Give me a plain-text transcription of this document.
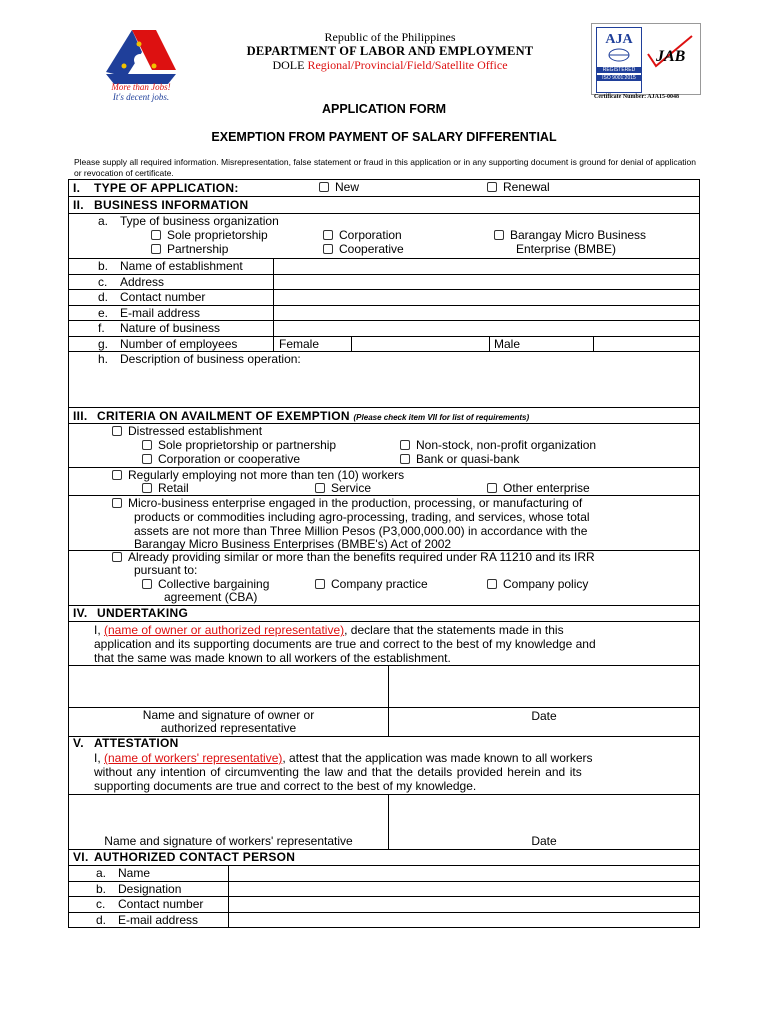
More than Jobs!
It's decent jobs.
Republic of the Philippines
DEPARTMENT OF LABOR AND EMPLOYMENT
DOLE Regional/Provincial/Field/Satellite Office
AJA
REGISTERED
ISO 9001:2015
JAB
Certificate Number: AJA15-0048
APPLICATION FORM
EXEMPTION FROM PAYMENT OF SALARY DIFFERENTIAL
Please supply all required information. Misrepresentation, false statement or fraud in this application or in any supporting document is ground for denial of application or revocation of certificate.
I. TYPE OF APPLICATION:	New	Renewal
II. BUSINESS INFORMATION
a. Type of business organization
Sole proprietorship
Partnership
Corporation
Cooperative
Barangay Micro Business
Enterprise (BMBE)
b. Name of establishment
c. Address
d. Contact number
e. E-mail address
f. Nature of business
g. Number of employees	Female	Male
h. Description of business operation:
III. CRITERIA ON AVAILMENT OF EXEMPTION (Please check item VII for list of requirements)
Distressed establishment
Sole proprietorship or partnership	Non-stock, non-profit organization
Corporation or cooperative	Bank or quasi-bank
Regularly employing not more than ten (10) workers
Retail	Service	Other enterprise
Micro-business enterprise engaged in the production, processing, or manufacturing of
products or commodities including agro-processing, trading, and services, whose total
assets are not more than Three Million Pesos (P3,000,000.00) in accordance with the
Barangay Micro Business Enterprises (BMBE's) Act of 2002
Already providing similar or more than the benefits required under RA 11210 and its IRR
pursuant to:
Collective bargaining
agreement (CBA)
Company practice	Company policy
IV. UNDERTAKING
I, (name of owner or authorized representative), declare that the statements made in this
application and its supporting documents are true and correct to the best of my knowledge and
that the same was made known to all workers of the establishment.
Name and signature of owner or
authorized representative
Date
V. ATTESTATION
I, (name of workers' representative), attest that the application was made known to all workers
without any intention of circumventing the law and that the details provided herein and its
supporting documents are true and correct to the best of my knowledge.
Name and signature of workers' representative	Date
VI. AUTHORIZED CONTACT PERSON
a. Name
b. Designation
c. Contact number
d. E-mail address
